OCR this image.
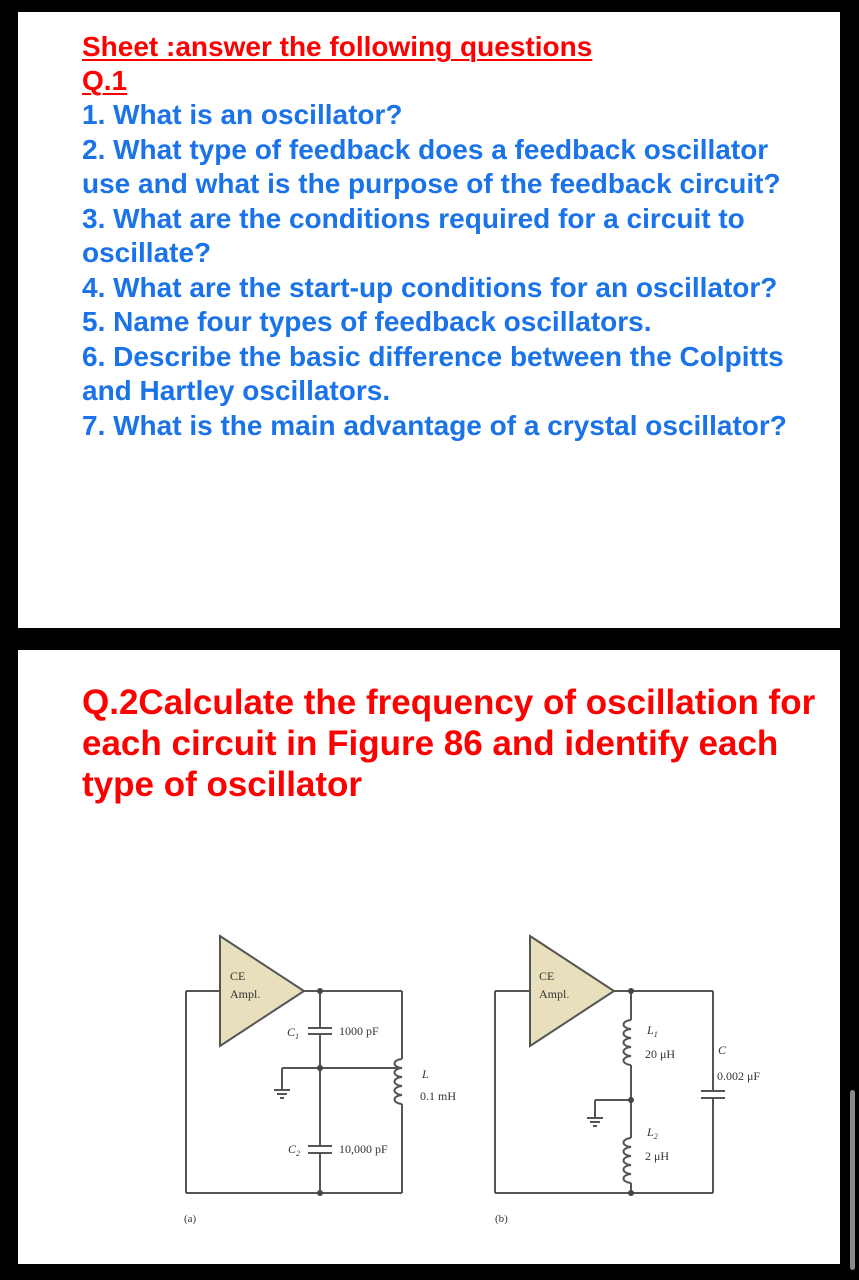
Sheet :answer the following questions

Q.1

1. What is an oscillator?
2. What type of feedback does a feedback oscillator use and what is the purpose of the feedback circuit?
3. What are the conditions required for a circuit to oscillate?
4. What are the start-up conditions for an oscillator?
5. Name four types of feedback oscillators.
6. Describe the basic difference between the Colpitts and Hartley oscillators.
7. What is the main advantage of a crystal oscillator?

Q.2Calculate the frequency of oscillation for each circuit in Figure 86 and identify each type of oscillator

CE
Ampl.
$C_1$	1000 pF
$C_2$	10,000 pF
L
0.1 mH
(a)
CE
Ampl.
$L_1$
20 μH
$L_2$
2 μH
C
0.002 μF
(b)
